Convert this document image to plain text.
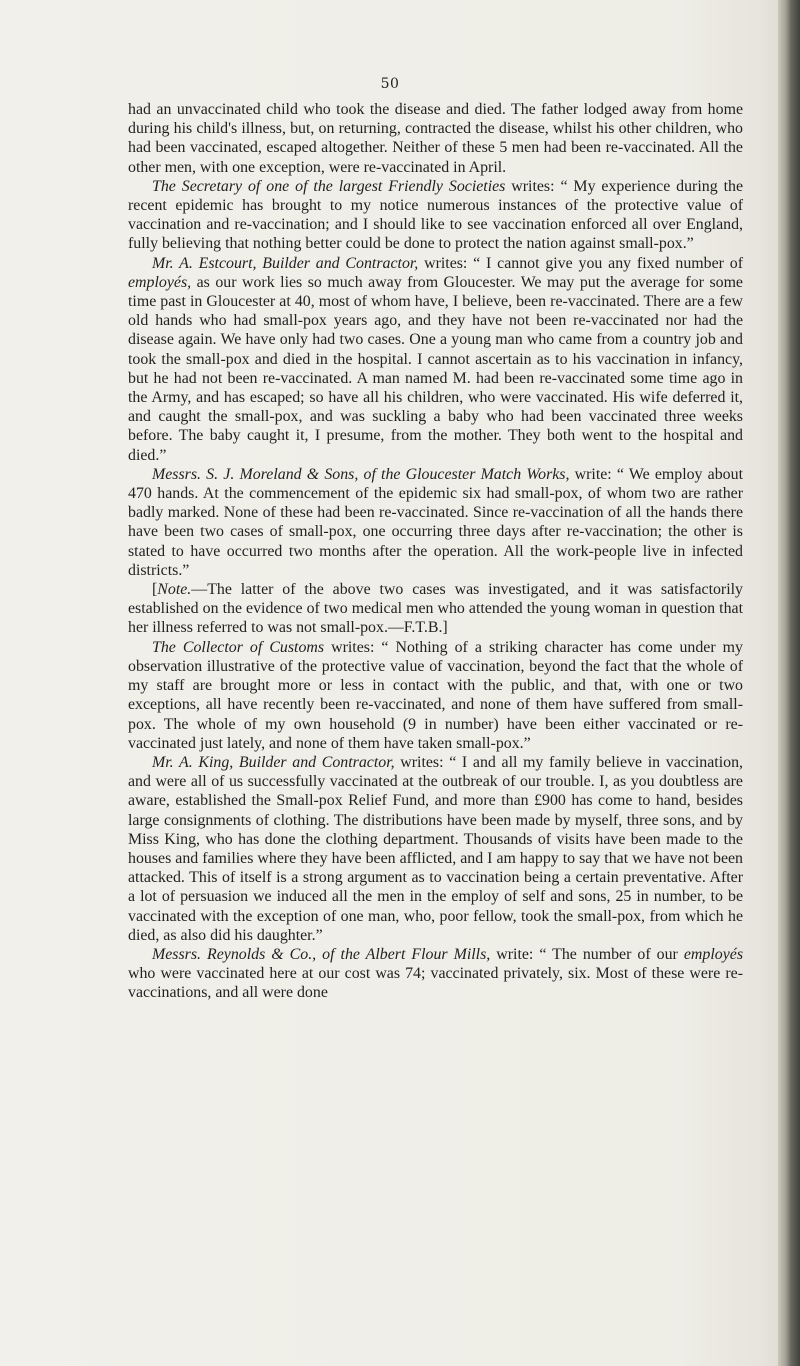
50

had an unvaccinated child who took the disease and died. The father lodged away from home during his child's illness, but, on returning, contracted the disease, whilst his other children, who had been vaccinated, escaped altogether. Neither of these 5 men had been re-vaccinated. All the other men, with one exception, were re-vaccinated in April.

The Secretary of one of the largest Friendly Societies writes: “ My experience during the recent epidemic has brought to my notice numerous instances of the protective value of vaccination and re-vaccination; and I should like to see vaccination enforced all over England, fully believing that nothing better could be done to protect the nation against small-pox.”

Mr. A. Estcourt, Builder and Contractor, writes: “ I cannot give you any fixed number of employés, as our work lies so much away from Gloucester. We may put the average for some time past in Gloucester at 40, most of whom have, I believe, been re-vaccinated. There are a few old hands who had small-pox years ago, and they have not been re-vaccinated nor had the disease again. We have only had two cases. One a young man who came from a country job and took the small-pox and died in the hospital. I cannot ascertain as to his vaccination in infancy, but he had not been re-vaccinated. A man named M. had been re-vaccinated some time ago in the Army, and has escaped; so have all his children, who were vaccinated. His wife deferred it, and caught the small-pox, and was suckling a baby who had been vaccinated three weeks before. The baby caught it, I presume, from the mother. They both went to the hospital and died.”

Messrs. S. J. Moreland & Sons, of the Gloucester Match Works, write: “ We employ about 470 hands. At the commencement of the epidemic six had small-pox, of whom two are rather badly marked. None of these had been re-vaccinated. Since re-vaccination of all the hands there have been two cases of small-pox, one occurring three days after re-vaccination; the other is stated to have occurred two months after the operation. All the work-people live in infected districts.”

[Note.—The latter of the above two cases was investigated, and it was satisfactorily established on the evidence of two medical men who attended the young woman in question that her illness referred to was not small-pox.—F.T.B.]

The Collector of Customs writes: “ Nothing of a striking character has come under my observation illustrative of the protective value of vaccination, beyond the fact that the whole of my staff are brought more or less in contact with the public, and that, with one or two exceptions, all have recently been re-vaccinated, and none of them have suffered from small-pox. The whole of my own household (9 in number) have been either vaccinated or re-vaccinated just lately, and none of them have taken small-pox.”

Mr. A. King, Builder and Contractor, writes: “ I and all my family believe in vaccination, and were all of us successfully vaccinated at the outbreak of our trouble. I, as you doubtless are aware, established the Small-pox Relief Fund, and more than £900 has come to hand, besides large consignments of clothing. The distributions have been made by myself, three sons, and by Miss King, who has done the clothing department. Thousands of visits have been made to the houses and families where they have been afflicted, and I am happy to say that we have not been attacked. This of itself is a strong argument as to vaccination being a certain preventative. After a lot of persuasion we induced all the men in the employ of self and sons, 25 in number, to be vaccinated with the exception of one man, who, poor fellow, took the small-pox, from which he died, as also did his daughter.”

Messrs. Reynolds & Co., of the Albert Flour Mills, write: “ The number of our employés who were vaccinated here at our cost was 74; vaccinated privately, six. Most of these were re-vaccinations, and all were done
